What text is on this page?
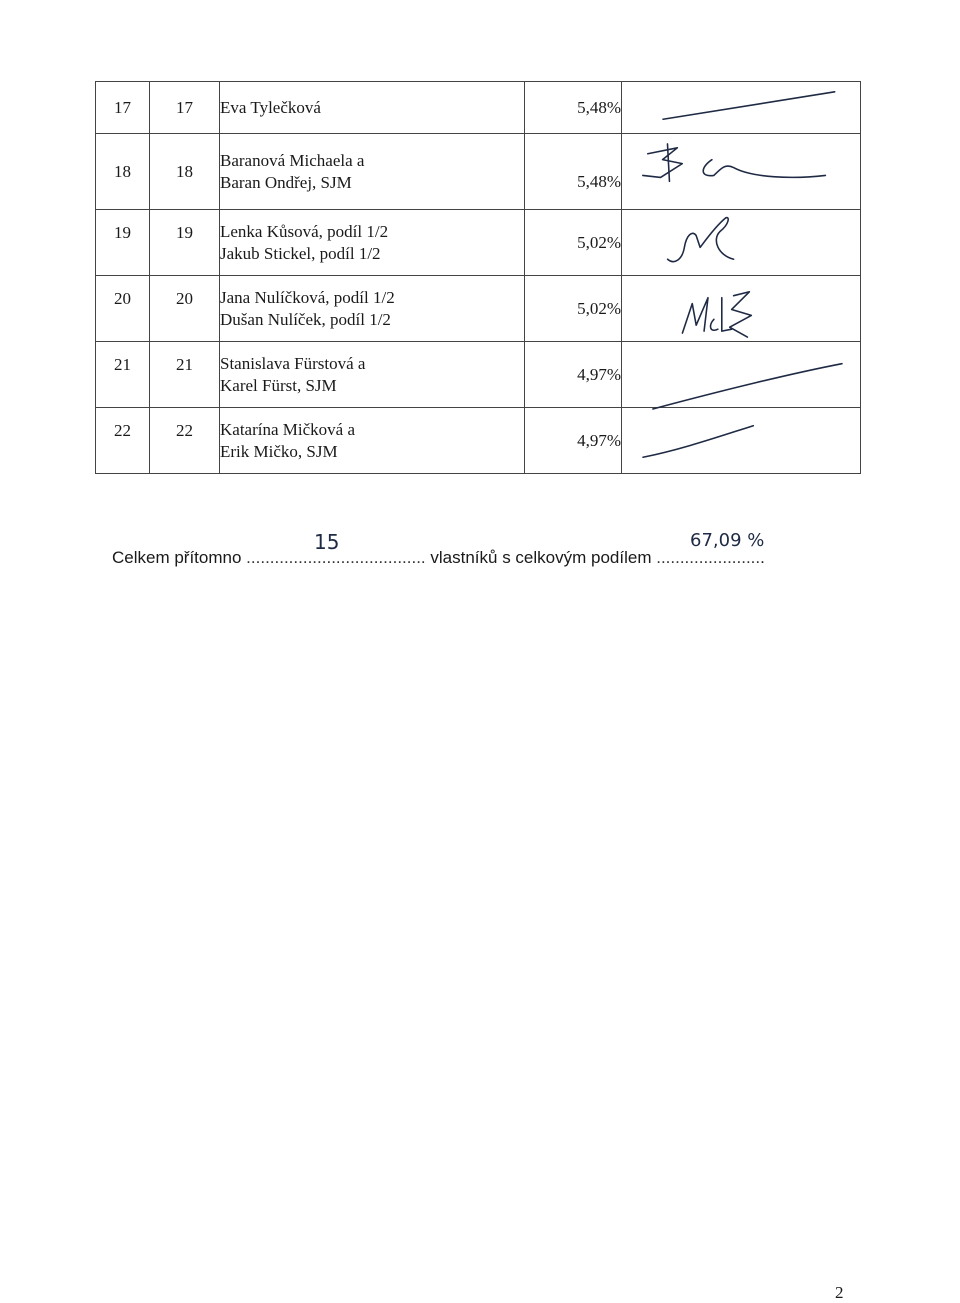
17	17	Eva Tylečková	5,48%	

18	18	Baranová Michaela a
Baran Ondřej, SJM	5,48%	

19	19	Lenka Kůsová, podíl 1/2
Jakub Stickel, podíl 1/2	5,02%	

20	20	Jana Nulíčková, podíl 1/2
Dušan Nulíček, podíl 1/2	5,02%	

21	21	Stanislava Fürstová a
Karel Fürst, SJM	4,97%	

22	22	Katarína Mičková a
Erik Mičko, SJM	4,97%	
Celkem přítomno ...................................... vlastníků s celkovým podílem .......................
15	67,09 %
2
